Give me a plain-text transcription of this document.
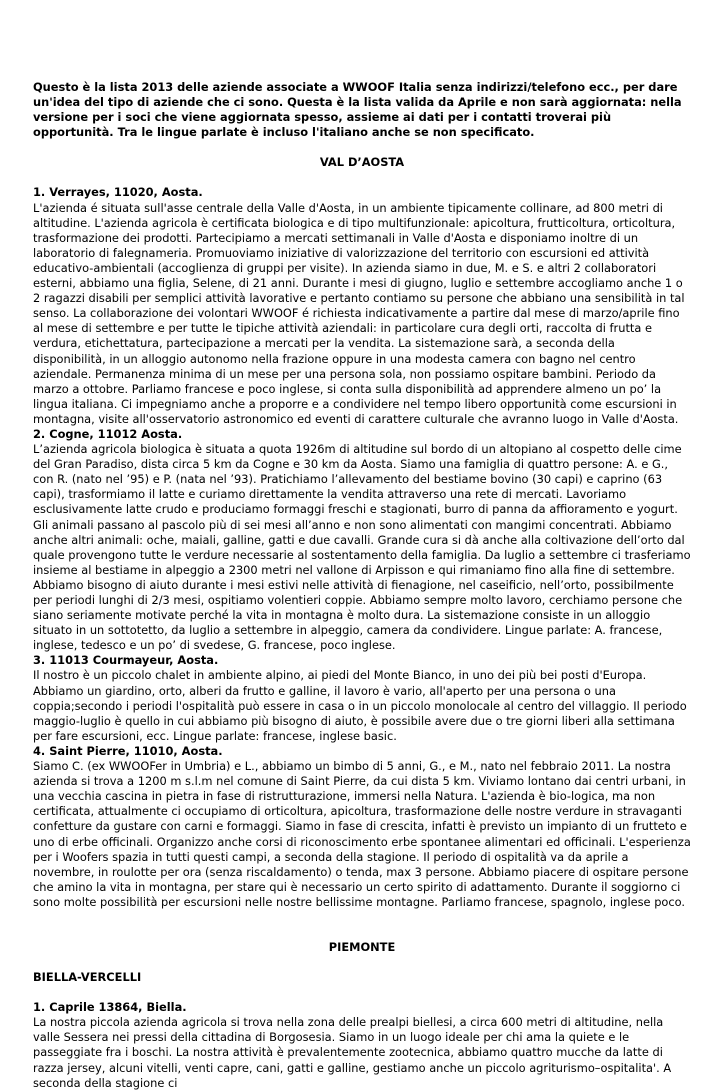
Questo è la lista 2013 delle aziende associate a WWOOF Italia senza indirizzi/telefono ecc., per dare un'idea del tipo di aziende che ci sono. Questa è la lista valida da Aprile e non sarà aggiornata: nella versione per i soci che viene aggiornata spesso, assieme ai dati per i contatti troverai più opportunità. Tra le lingue parlate è incluso l'italiano anche se non specificato.

VAL D’AOSTA
1. Verrayes, 11020, Aosta.
L'azienda é situata sull'asse centrale della Valle d'Aosta, in un ambiente tipicamente collinare, ad 800 metri di altitudine. L'azienda agricola è certificata biologica e di tipo multifunzionale: apicoltura, frutticoltura, orticoltura, trasformazione dei prodotti. Partecipiamo a mercati settimanali in Valle d'Aosta e disponiamo inoltre di un laboratorio di falegnameria. Promuoviamo iniziative di valorizzazione del territorio con escursioni ed attività educativo-ambientali (accoglienza di gruppi per visite). In azienda siamo in due, M. e S. e altri 2 collaboratori esterni, abbiamo una figlia, Selene, di 21 anni. Durante i mesi di giugno, luglio e settembre accogliamo anche 1 o 2 ragazzi disabili per semplici attività lavorative e pertanto contiamo su persone che abbiano una sensibilità in tal senso. La collaborazione dei volontari WWOOF é richiesta indicativamente a partire dal mese di marzo/aprile fino al mese di settembre e per tutte le tipiche attività aziendali: in particolare cura degli orti, raccolta di frutta e verdura, etichettatura, partecipazione a mercati per la vendita. La sistemazione sarà, a seconda della disponibilità, in un alloggio autonomo nella frazione oppure in una modesta camera con bagno nel centro aziendale. Permanenza minima di un mese per una persona sola, non possiamo ospitare bambini. Periodo da marzo a ottobre. Parliamo francese e poco inglese, si conta sulla disponibilità ad apprendere almeno un po’ la lingua italiana. Ci impegniamo anche a proporre e a condividere nel tempo libero opportunità come escursioni in montagna, visite all'osservatorio astronomico ed eventi di carattere culturale che avranno luogo in Valle d'Aosta.
2. Cogne, 11012 Aosta.
L’azienda agricola biologica è situata a quota 1926m di altitudine sul bordo di un altopiano al cospetto delle cime del Gran Paradiso, dista circa 5 km da Cogne e 30 km da Aosta. Siamo una famiglia di quattro persone: A. e G., con R. (nato nel ’95) e P. (nata nel ’93). Pratichiamo l’allevamento del bestiame bovino (30 capi) e caprino (63 capi), trasformiamo il latte e curiamo direttamente la vendita attraverso una rete di mercati. Lavoriamo esclusivamente latte crudo e produciamo formaggi freschi e stagionati, burro di panna da affioramento e yogurt. Gli animali passano al pascolo più di sei mesi all’anno e non sono alimentati con mangimi concentrati. Abbiamo anche altri animali: oche, maiali, galline, gatti e due cavalli. Grande cura si dà anche alla coltivazione dell’orto dal quale provengono tutte le verdure necessarie al sostentamento della famiglia. Da luglio a settembre ci trasferiamo insieme al bestiame in alpeggio a 2300 metri nel vallone di Arpisson e qui rimaniamo fino alla fine di settembre. Abbiamo bisogno di aiuto durante i mesi estivi nelle attività di fienagione, nel caseificio, nell’orto, possibilmente per periodi lunghi di 2/3 mesi, ospitiamo volentieri coppie. Abbiamo sempre molto lavoro, cerchiamo persone che siano seriamente motivate perché la vita in montagna è molto dura. La sistemazione consiste in un alloggio situato in un sottotetto, da luglio a settembre in alpeggio, camera da condividere. Lingue parlate: A. francese, inglese, tedesco e un po’ di svedese, G. francese, poco inglese.
3. 11013 Courmayeur, Aosta.
Il nostro è un piccolo chalet in ambiente alpino, ai piedi del Monte Bianco, in uno dei più bei posti d'Europa. Abbiamo un giardino, orto, alberi da frutto e galline, il lavoro è vario, all'aperto per una persona o una coppia;secondo i periodi l'ospitalità può essere in casa o in un piccolo monolocale al centro del villaggio. Il periodo maggio-luglio è quello in cui abbiamo più bisogno di aiuto, è possibile avere due o tre giorni liberi alla settimana per fare escursioni, ecc. Lingue parlate: francese, inglese basic.
4. Saint Pierre, 11010, Aosta.
Siamo C. (ex WWOOFer in Umbria) e L., abbiamo un bimbo di 5 anni, G., e M., nato nel febbraio 2011. La nostra azienda si trova a 1200 m s.l.m nel comune di Saint Pierre, da cui dista 5 km. Viviamo lontano dai centri urbani, in una vecchia cascina in pietra in fase di ristrutturazione, immersi nella Natura. L'azienda è bio-logica, ma non certificata, attualmente ci occupiamo di orticoltura, apicoltura, trasformazione delle nostre verdure in stravaganti confetture da gustare con carni e formaggi. Siamo in fase di crescita, infatti è previsto un impianto di un frutteto e uno di erbe officinali. Organizzo anche corsi di riconoscimento erbe spontanee alimentari ed officinali. L'esperienza per i Woofers spazia in tutti questi campi, a seconda della stagione. Il periodo di ospitalità va da aprile a novembre, in roulotte per ora (senza riscaldamento) o tenda, max 3 persone. Abbiamo piacere di ospitare persone che amino la vita in montagna, per stare qui è necessario un certo spirito di adattamento. Durante il soggiorno ci sono molte possibilità per escursioni nelle nostre bellissime montagne. Parliamo francese, spagnolo, inglese poco.
PIEMONTE
BIELLA-VERCELLI
1. Caprile 13864, Biella.
La nostra piccola azienda agricola si trova nella zona delle prealpi biellesi, a circa 600 metri di altitudine, nella valle Sessera nei pressi della cittadina di Borgosesia. Siamo in un luogo ideale per chi ama la quiete e le passeggiate fra i boschi. La nostra attività è prevalentemente zootecnica, abbiamo quattro mucche da latte di razza jersey, alcuni vitelli, venti capre, cani, gatti e galline, gestiamo anche un piccolo agriturismo–ospitalita'. A seconda della stagione ci
